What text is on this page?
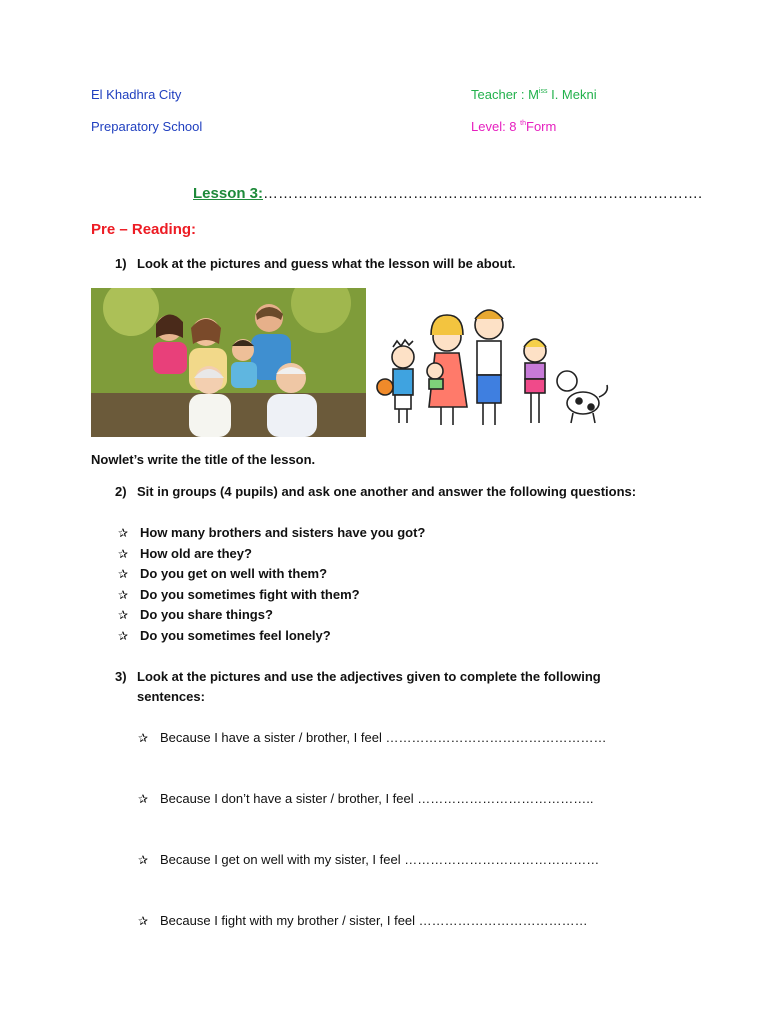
El Khadhra City
Preparatory School
Teacher : $M^{iss}$ I. Mekni
Level: 8 $^{th}$Form
Lesson 3:…………………………………………………………………………….
Pre – Reading:
1) Look at the pictures and guess what the lesson will be about.
Nowlet’s write the title of the lesson.
2) Sit in groups (4 pupils) and ask one another and answer the following questions:
✰ How many brothers and sisters have you got?
✰ How old are they?
✰ Do you get on well with them?
✰ Do you sometimes fight with them?
✰ Do you share things?
✰ Do you sometimes feel lonely?
3) Look at the pictures and use the adjectives given to complete the following
sentences:
✰ Because I have a sister / brother, I feel ……………………………………………
✰ Because I don’t have a sister / brother, I feel …………………………………..
✰ Because I get on well with my sister, I feel ………………………………………
✰ Because I fight with my brother / sister, I feel …………………………………
